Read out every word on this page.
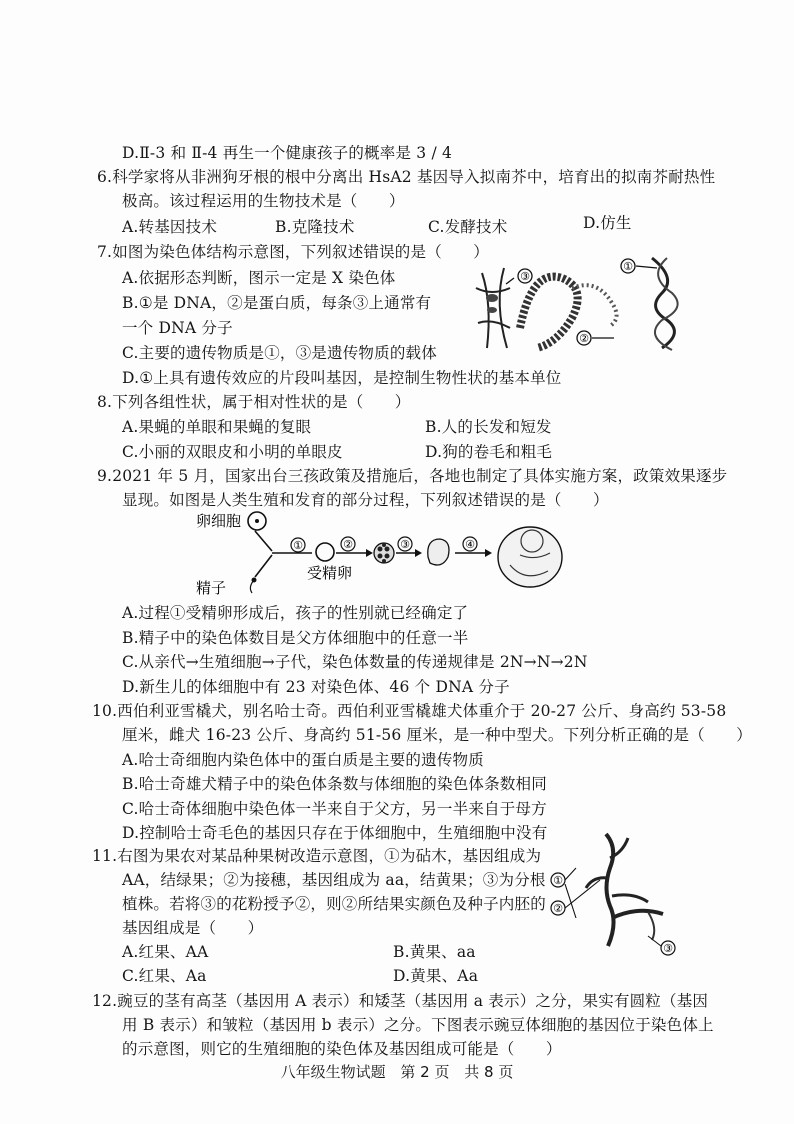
D.Ⅱ-3 和 Ⅱ-4 再生一个健康孩子的概率是 3 / 4
6.科学家将从非洲狗牙根的根中分离出 HsA2 基因导入拟南芥中，培育出的拟南芥耐热性
极高。该过程运用的生物技术是（　　）
A.转基因技术	B.克隆技术	C.发酵技术	D.仿生
7.如图为染色体结构示意图，下列叙述错误的是（　　）
A.依据形态判断，图示一定是 X 染色体
B.①是 DNA，②是蛋白质，每条③上通常有
一个 DNA 分子
C.主要的遗传物质是①，③是遗传物质的载体
D.①上具有遗传效应的片段叫基因，是控制生物性状的基本单位
8.下列各组性状，属于相对性状的是（　　）
A.果蝇的单眼和果蝇的复眼	B.人的长发和短发
C.小丽的双眼皮和小明的单眼皮	D.狗的卷毛和粗毛
9.2021 年 5 月，国家出台三孩政策及措施后，各地也制定了具体实施方案，政策效果逐步
显现。如图是人类生殖和发育的部分过程，下列叙述错误的是（　　）
A.过程①受精卵形成后，孩子的性别就已经确定了
B.精子中的染色体数目是父方体细胞中的任意一半
C.从亲代→生殖细胞→子代，染色体数量的传递规律是 2N→N→2N
D.新生儿的体细胞中有 23 对染色体、46 个 DNA 分子
10.西伯利亚雪橇犬，别名哈士奇。西伯利亚雪橇雄犬体重介于 20-27 公斤、身高约 53-58
厘米，雌犬 16-23 公斤、身高约 51-56 厘米，是一种中型犬。下列分析正确的是（　　）
A.哈士奇细胞内染色体中的蛋白质是主要的遗传物质
B.哈士奇雄犬精子中的染色体条数与体细胞的染色体条数相同
C.哈士奇体细胞中染色体一半来自于父方，另一半来自于母方
D.控制哈士奇毛色的基因只存在于体细胞中，生殖细胞中没有
11.右图为果农对某品种果树改造示意图，①为砧木，基因组成为
AA，结绿果；②为接穗，基因组成为 aa，结黄果；③为分根
植株。若将③的花粉授予②，则②所结果实颜色及种子内胚的
基因组成是（　　）
A.红果、AA	B.黄果、aa
C.红果、Aa	D.黄果、Aa
12.豌豆的茎有高茎（基因用 A 表示）和矮茎（基因用 a 表示）之分，果实有圆粒（基因
用 B 表示）和皱粒（基因用 b 表示）之分。下图表示豌豆体细胞的基因位于染色体上
的示意图，则它的生殖细胞的染色体及基因组成可能是（　　）
③
①
②
卵细胞
精子
①
受精卵
②	③	④
①
②
③
八年级生物试题 第 2 页 共 8 页
